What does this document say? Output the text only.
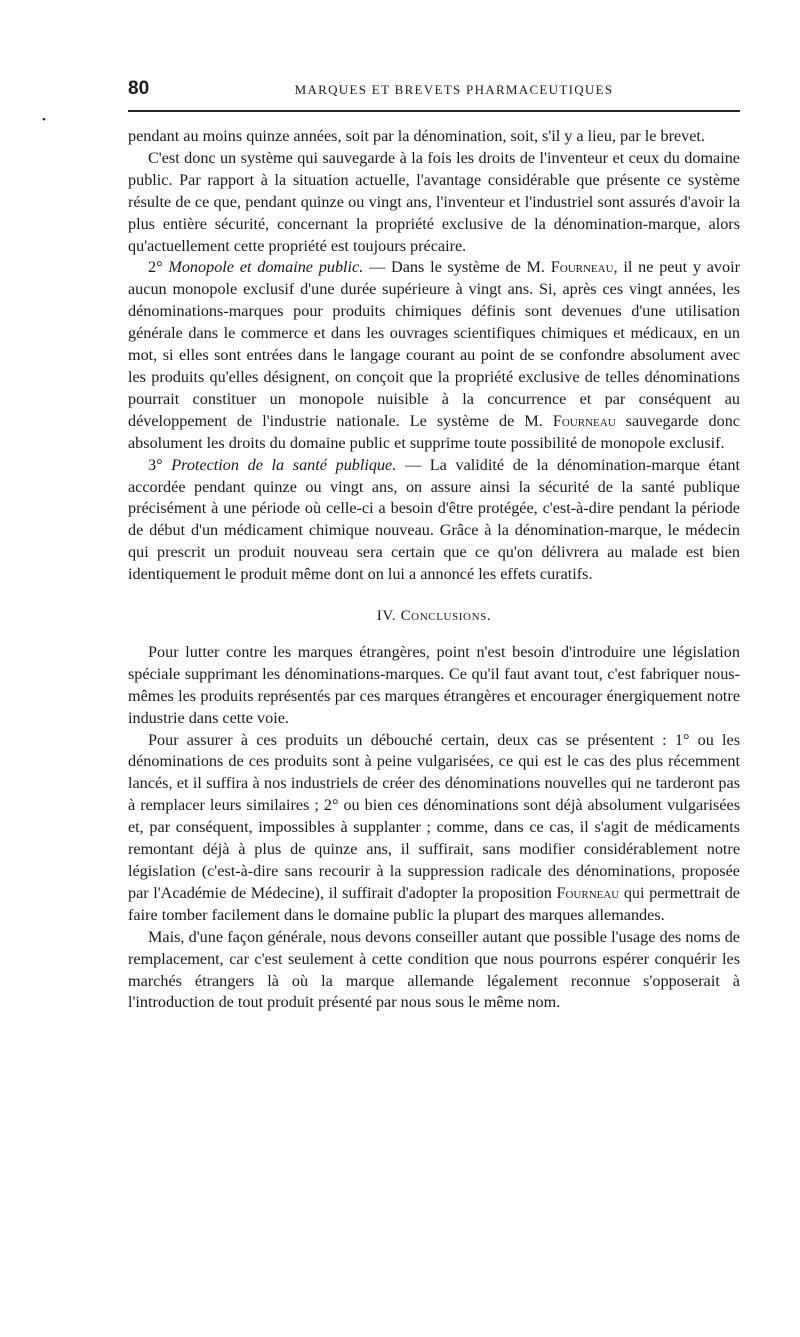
80	MARQUES ET BREVETS PHARMACEUTIQUES
•

pendant au moins quinze années, soit par la dénomination, soit, s'il y a lieu, par le brevet.

C'est donc un système qui sauvegarde à la fois les droits de l'inventeur et ceux du domaine public. Par rapport à la situation actuelle, l'avantage considérable que présente ce système résulte de ce que, pendant quinze ou vingt ans, l'inventeur et l'industriel sont assurés d'avoir la plus entière sécurité, concernant la propriété exclusive de la dénomination-marque, alors qu'actuellement cette propriété est toujours précaire.

2° Monopole et domaine public. — Dans le système de M. Fourneau, il ne peut y avoir aucun monopole exclusif d'une durée supérieure à vingt ans. Si, après ces vingt années, les dénominations-marques pour produits chimiques définis sont devenues d'une utilisation générale dans le commerce et dans les ouvrages scientifiques chimiques et médicaux, en un mot, si elles sont entrées dans le langage courant au point de se confondre absolument avec les produits qu'elles désignent, on conçoit que la propriété exclusive de telles dénominations pourrait constituer un monopole nuisible à la concurrence et par conséquent au développement de l'industrie nationale. Le système de M. Fourneau sauvegarde donc absolument les droits du domaine public et supprime toute possibilité de monopole exclusif.

3° Protection de la santé publique. — La validité de la dénomination-marque étant accordée pendant quinze ou vingt ans, on assure ainsi la sécurité de la santé publique précisément à une période où celle-ci a besoin d'être protégée, c'est-à-dire pendant la période de début d'un médicament chimique nouveau. Grâce à la dénomination-marque, le médecin qui prescrit un produit nouveau sera certain que ce qu'on délivrera au malade est bien identiquement le produit même dont on lui a annoncé les effets curatifs.

IV. Conclusions.

Pour lutter contre les marques étrangères, point n'est besoin d'introduire une législation spéciale supprimant les dénominations-marques. Ce qu'il faut avant tout, c'est fabriquer nous-mêmes les produits représentés par ces marques étrangères et encourager énergiquement notre industrie dans cette voie.

Pour assurer à ces produits un débouché certain, deux cas se présentent : 1° ou les dénominations de ces produits sont à peine vulgarisées, ce qui est le cas des plus récemment lancés, et il suffira à nos industriels de créer des dénominations nouvelles qui ne tarderont pas à remplacer leurs similaires ; 2° ou bien ces dénominations sont déjà absolument vulgarisées et, par conséquent, impossibles à supplanter ; comme, dans ce cas, il s'agit de médicaments remontant déjà à plus de quinze ans, il suffirait, sans modifier considérablement notre législation (c'est-à-dire sans recourir à la suppression radicale des dénominations, proposée par l'Académie de Médecine), il suffirait d'adopter la proposition Fourneau qui permettrait de faire tomber facilement dans le domaine public la plupart des marques allemandes.

Mais, d'une façon générale, nous devons conseiller autant que possible l'usage des noms de remplacement, car c'est seulement à cette condition que nous pourrons espérer conquérir les marchés étrangers là où la marque allemande légalement reconnue s'opposerait à l'introduction de tout produit présenté par nous sous le même nom.
